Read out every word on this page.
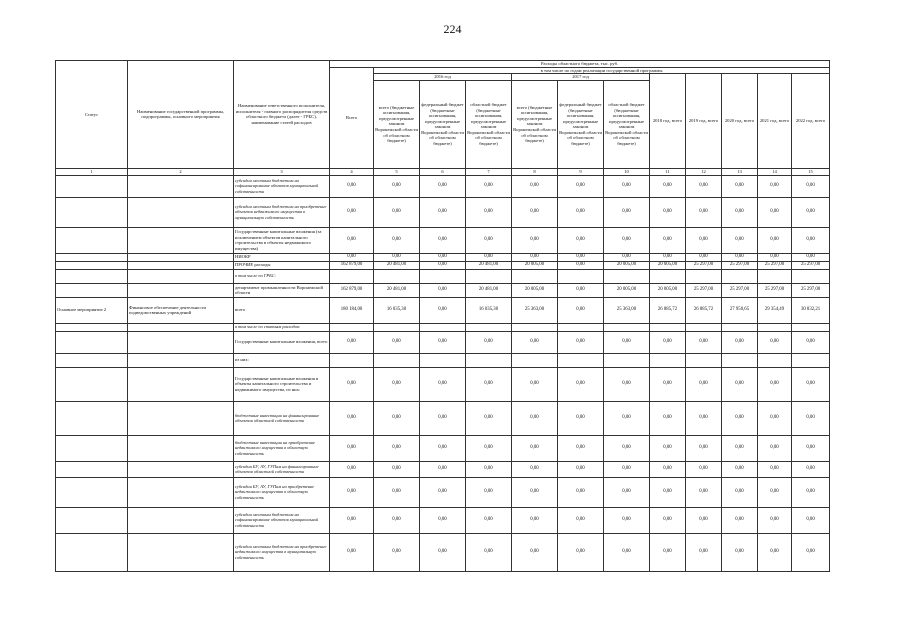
224
Статус	Наименование государственной программы, подпрограммы, основного мероприятия	Наименование ответственного исполнителя, исполнителя - главного распорядителя средств областного бюджета (далее - ГРБС), наименование статей расходов	Расходы областного бюджета, тыс. руб.											
			Всего	в том числе по годам реализации государственной программы										
				2016 год			2017 год			2018 год, всего	2019 год, всего	2020 год, всего	2021 год, всего	2022 год, всего
				всего (бюджетные ассигнования, предусмотренные законом Воронежской области об областном бюджете)	федеральный бюджет (бюджетные ассигнования, предусмотренные законом Воронежской области об областном бюджете)	областной бюджет (бюджетные ассигнования, предусмотренные законом Воронежской области об областном бюджете)	всего (бюджетные ассигнования, предусмотренные законом Воронежской области об областном бюджете)	федеральный бюджет (бюджетные ассигнования, предусмотренные законом Воронежской области об областном бюджете)	областной бюджет (бюджетные ассигнования, предусмотренные законом Воронежской области об областном бюджете)					
1	2	3	4	5	6	7	8	9	10	11	12	13	14	15
		субсидии местным бюджетам на софинансирование объектов муниципальной собственности	0,00	0,00	0,00	0,00	0,00	0,00	0,00	0,00	0,00	0,00	0,00	0,00
		субсидии местным бюджетам на приобретение объектов недвижимого имущества в муниципальную собственность	0,00	0,00	0,00	0,00	0,00	0,00	0,00	0,00	0,00	0,00	0,00	0,00
		Государственные капитальные вложения (за исключением объектов капитального строительства в объекты недвижимого имущества)	0,00	0,00	0,00	0,00	0,00	0,00	0,00	0,00	0,00	0,00	0,00	0,00
		НИОКР	0,00	0,00	0,00	0,00	0,00	0,00	0,00	0,00	0,00	0,00	0,00	0,00
		ПРОЧИЕ расходы	162 879,00	20 481,00	0,00	20 481,00	20 005,00	0,00	20 005,00	20 005,00	25 297,00	25 297,00	25 297,00	25 297,00
		в том числе по ГРБС:												
		департамент промышленности Воронежской области	162 879,00	20 481,00	0,00	20 481,00	20 005,00	0,00	20 005,00	20 005,00	25 297,00	25 297,00	25 297,00	25 297,00
Основное мероприятие 2	Финансовое обеспечение деятельности подведомственных учреждений	всего	180 184,00	16 035,30	0,00	16 035,30	25 363,00	0,00	25 363,00	26 885,72	26 885,72	27 950,65	29 354,49	30 832,21
		в том числе по статьям расходов:												
		Государственные капитальные вложения, всего	0,00	0,00	0,00	0,00	0,00	0,00	0,00	0,00	0,00	0,00	0,00	0,00
		из них:												
		Государственные капитальные вложения в объекты капитального строительства и недвижимого имущества, из них:	0,00	0,00	0,00	0,00	0,00	0,00	0,00	0,00	0,00	0,00	0,00	0,00
		бюджетные инвестиции на финансирование объектов областной собственности	0,00	0,00	0,00	0,00	0,00	0,00	0,00	0,00	0,00	0,00	0,00	0,00
		бюджетные инвестиции на приобретение недвижимого имущества в областную собственность	0,00	0,00	0,00	0,00	0,00	0,00	0,00	0,00	0,00	0,00	0,00	0,00
		субсидии БУ, АУ, ГУПам на финансирование объектов областной собственности	0,00	0,00	0,00	0,00	0,00	0,00	0,00	0,00	0,00	0,00	0,00	0,00
		субсидии БУ, АУ, ГУПам на приобретение недвижимого имущества в областную собственность	0,00	0,00	0,00	0,00	0,00	0,00	0,00	0,00	0,00	0,00	0,00	0,00
		субсидии местным бюджетам на софинансирование объектов муниципальной собственности	0,00	0,00	0,00	0,00	0,00	0,00	0,00	0,00	0,00	0,00	0,00	0,00
		субсидии местным бюджетам на приобретение недвижимого имущества в муниципальную собственность	0,00	0,00	0,00	0,00	0,00	0,00	0,00	0,00	0,00	0,00	0,00	0,00
